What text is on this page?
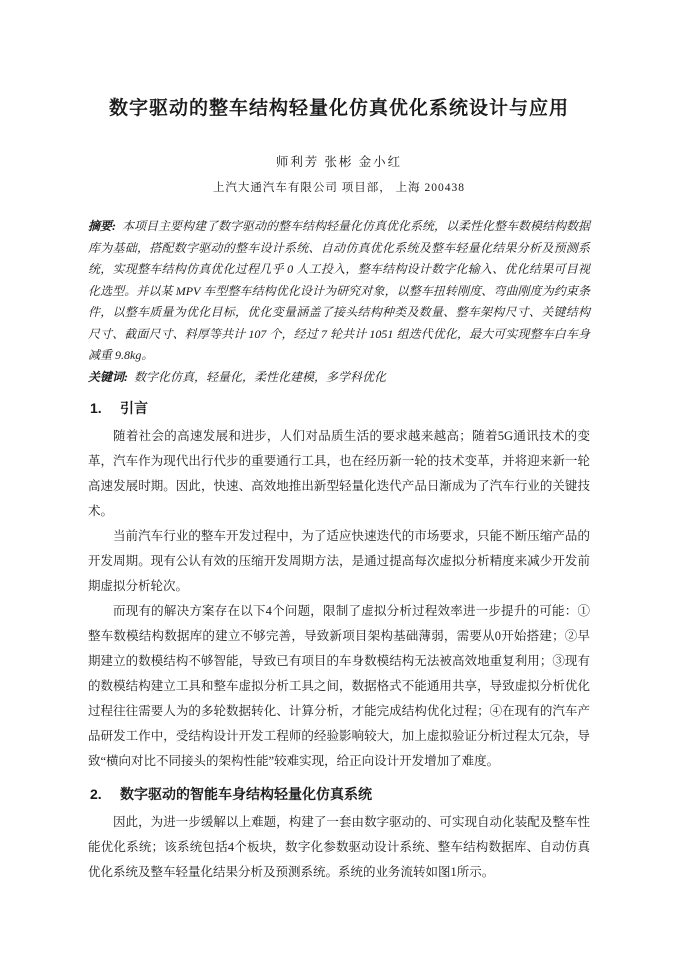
数字驱动的整车结构轻量化仿真优化系统设计与应用
师利芳 张彬 金小红
上汽大通汽车有限公司 项目部， 上海 200438

摘要: 本项目主要构建了数字驱动的整车结构轻量化仿真优化系统，以柔性化整车数模结构数据库为基础，搭配数字驱动的整车设计系统、自动仿真优化系统及整车轻量化结果分析及预测系统，实现整车结构仿真优化过程几乎 0 人工投入，整车结构设计数字化输入、优化结果可目视化选型。并以某 MPV 车型整车结构优化设计为研究对象，以整车扭转刚度、弯曲刚度为约束条件，以整车质量为优化目标，优化变量涵盖了接头结构种类及数量、整车架构尺寸、关键结构尺寸、截面尺寸、料厚等共计 107 个，经过 7 轮共计 1051 组迭代优化，最大可实现整车白车身减重 9.8kg。

关键词: 数字化仿真，轻量化，柔性化建模，多学科优化

1. 引言

随着社会的高速发展和进步，人们对品质生活的要求越来越高；随着5G通讯技术的变革，汽车作为现代出行代步的重要通行工具，也在经历新一轮的技术变革，并将迎来新一轮高速发展时期。因此，快速、高效地推出新型轻量化迭代产品日渐成为了汽车行业的关键技术。

当前汽车行业的整车开发过程中，为了适应快速迭代的市场要求，只能不断压缩产品的开发周期。现有公认有效的压缩开发周期方法，是通过提高每次虚拟分析精度来减少开发前期虚拟分析轮次。

而现有的解决方案存在以下4个问题，限制了虚拟分析过程效率进一步提升的可能：①整车数模结构数据库的建立不够完善，导致新项目架构基础薄弱，需要从0开始搭建；②早期建立的数模结构不够智能，导致已有项目的车身数模结构无法被高效地重复利用；③现有的数模结构建立工具和整车虚拟分析工具之间，数据格式不能通用共享，导致虚拟分析优化过程往往需要人为的多轮数据转化、计算分析，才能完成结构优化过程；④在现有的汽车产品研发工作中，受结构设计开发工程师的经验影响较大，加上虚拟验证分析过程太冗杂，导致“横向对比不同接头的架构性能”较难实现，给正向设计开发增加了难度。

2. 数字驱动的智能车身结构轻量化仿真系统

因此，为进一步缓解以上难题，构建了一套由数字驱动的、可实现自动化装配及整车性能优化系统；该系统包括4个板块，数字化参数驱动设计系统、整车结构数据库、自动仿真优化系统及整车轻量化结果分析及预测系统。系统的业务流转如图1所示。
